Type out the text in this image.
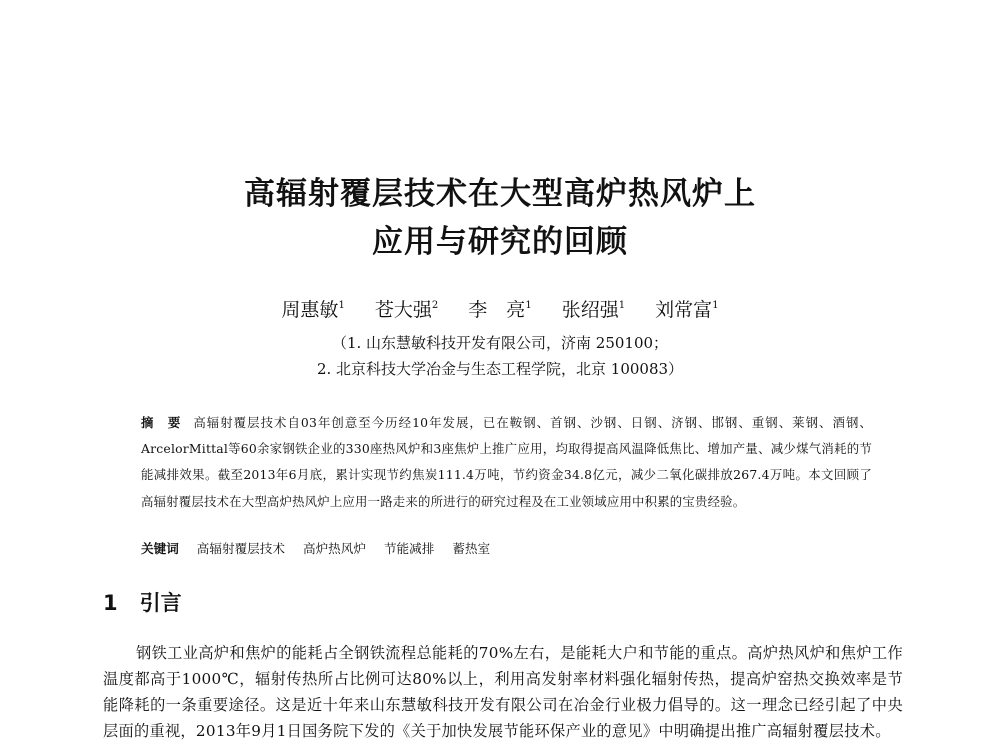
高辐射覆层技术在大型高炉热风炉上
应用与研究的回顾
周惠敏$^1$ 苍大强$^2$ 李　亮$^1$ 张绍强$^1$ 刘常富$^1$
（1. 山东慧敏科技开发有限公司，济南 250100；
2. 北京科技大学冶金与生态工程学院，北京 100083）
摘　要 高辐射覆层技术自03年创意至今历经10年发展，已在鞍钢、首钢、沙钢、日钢、济钢、邯钢、重钢、莱钢、酒钢、ArcelorMittal等60余家钢铁企业的330座热风炉和3座焦炉上推广应用，均取得提高风温降低焦比、增加产量、减少煤气消耗的节能减排效果。截至2013年6月底，累计实现节约焦炭111.4万吨，节约资金34.8亿元，减少二氧化碳排放267.4万吨。本文回顾了高辐射覆层技术在大型高炉热风炉上应用一路走来的所进行的研究过程及在工业领域应用中积累的宝贵经验。
关键词 高辐射覆层技术 高炉热风炉 节能减排 蓄热室
1 引言
钢铁工业高炉和焦炉的能耗占全钢铁流程总能耗的70%左右，是能耗大户和节能的重点。高炉热风炉和焦炉工作温度都高于1000℃，辐射传热所占比例可达80%以上，利用高发射率材料强化辐射传热，提高炉窑热交换效率是节能降耗的一条重要途径。这是近十年来山东慧敏科技开发有限公司在冶金行业极力倡导的。这一理念已经引起了中央层面的重视，2013年9月1日国务院下发的《关于加快发展节能环保产业的意见》中明确提出推广高辐射覆层技术。
